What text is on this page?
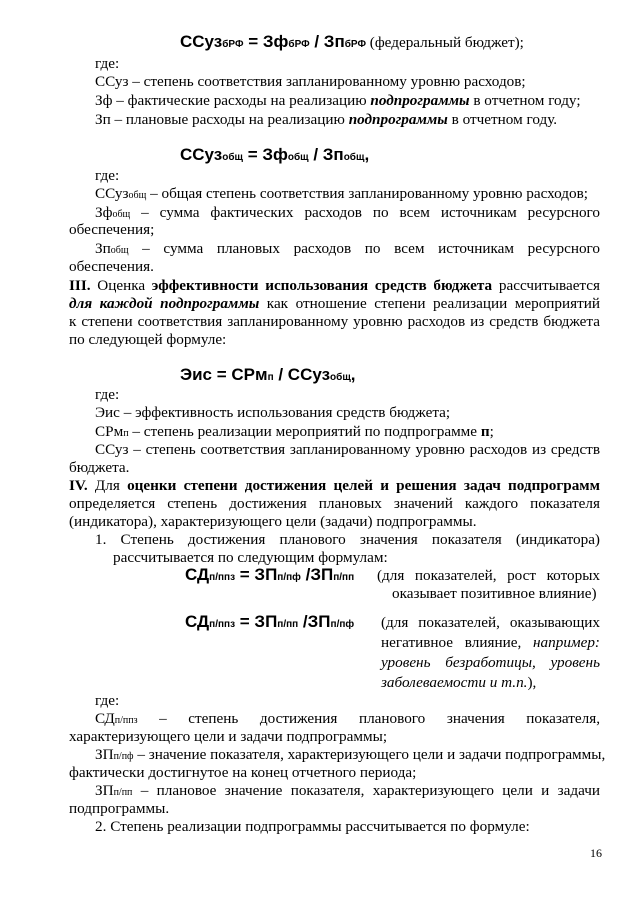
ССузбРФ = ЗфбРФ / ЗпбРФ (федеральный бюджет);
где:
ССуз – степень соответствия запланированному уровню расходов;
Зф – фактические расходы на реализацию подпрограммы в отчетном году;
Зп – плановые расходы на реализацию подпрограммы в отчетном году.
ССузобщ = Зфобщ / Зпобщ,
где:
ССузобщ – общая степень соответствия запланированному уровню расходов;
Зфобщ – сумма фактических расходов по всем источникам ресурсного
обеспечения;
Зпобщ – сумма плановых расходов по всем источникам ресурсного
обеспечения.
III. Оценка эффективности использования средств бюджета рассчитывается
для каждой подпрограммы как отношение степени реализации мероприятий
к степени соответствия запланированному уровню расходов из средств бюджета
по следующей формуле:
Эис = СРмп / ССузобщ,
где:
Эис – эффективность использования средств бюджета;
СРмп – степень реализации мероприятий по подпрограмме п;
ССуз – степень соответствия запланированному уровню расходов из средств
бюджета.
IV. Для оценки степени достижения целей и решения задач подпрограмм
определяется степень достижения плановых значений каждого показателя
(индикатора), характеризующего цели (задачи) подпрограммы.
1. Степень достижения планового значения показателя (индикатора)
рассчитывается по следующим формулам:
СДп/ппз = ЗПп/пф /ЗПп/пп (для показателей, рост которых
оказывает позитивное влияние)
СДп/ппз = ЗПп/пп /ЗПп/пф (для показателей, оказывающих
негативное влияние, например:
уровень безработицы, уровень
заболеваемости и т.п.),
где:
СДп/ппз – степень достижения планового значения показателя,
характеризующего цели и задачи подпрограммы;
ЗПп/пф – значение показателя, характеризующего цели и задачи подпрограммы,
фактически достигнутое на конец отчетного периода;
ЗПп/пп – плановое значение показателя, характеризующего цели и задачи
подпрограммы.
2. Степень реализации подпрограммы рассчитывается по формуле:
16
